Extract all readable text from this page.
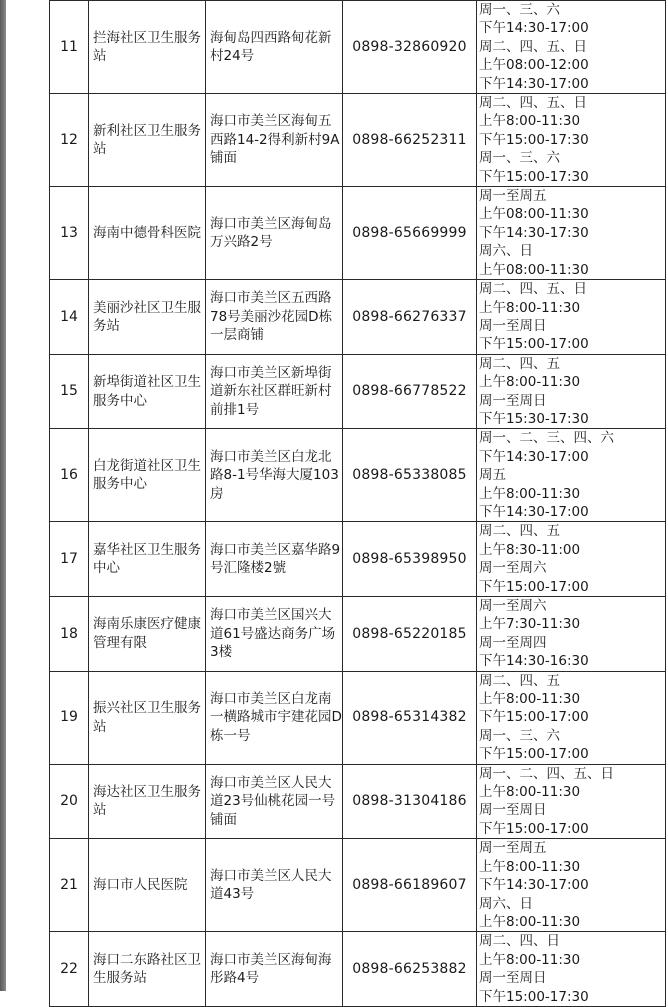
11	拦海社区卫生服务站	海甸岛四西路甸花新村24号	0898-32860920	周一、三、六
下午14:30-17:00
周二、四、五、日
上午08:00-12:00
下午14:30-17:00

12	新利社区卫生服务站	海口市美兰区海甸五西路14-2得利新村9A铺面	0898-66252311	周二、四、五、日
上午8:00-11:30
下午15:00-17:30
周一、三、六
下午15:00-17:30

13	海南中德骨科医院	海口市美兰区海甸岛万兴路2号	0898-65669999	周一至周五
上午08:00-11:30
下午14:30-17:30
周六、日
上午08:00-11:30

14	美丽沙社区卫生服务站	海口市美兰区五西路78号美丽沙花园D栋一层商铺	0898-66276337	周二、四、五、日
上午8:00-11:30
周一至周日
下午15:00-17:00

15	新埠街道社区卫生服务中心	海口市美兰区新埠街道新东社区群旺新村前排1号	0898-66778522	周二、四、五
上午8:00-11:30
周一至周日
下午15:30-17:30

16	白龙街道社区卫生服务中心	海口市美兰区白龙北路8-1号华海大厦103房	0898-65338085	周一、二、三、四、六
下午14:30-17:00
周五
上午8:00-11:30
下午14:30-17:00

17	嘉华社区卫生服务中心	海口市美兰区嘉华路9号汇隆楼2號	0898-65398950	周二、四、五
上午8:30-11:00
周一至周六
下午15:00-17:00

18	海南乐康医疗健康管理有限	海口市美兰区国兴大道61号盛达商务广场 3楼	0898-65220185	周一至周六
上午7:30-11:30
周一至周四
下午14:30-16:30

19	振兴社区卫生服务站	海口市美兰区白龙南一横路城市宇建花园D栋一号	0898-65314382	周二、四、五
上午8:00-11:30
下午15:00-17:00
周一、三、六
下午15:00-17:00

20	海达社区卫生服务站	海口市美兰区人民大道23号仙桃花园一号铺面	0898-31304186	周一、二、四、五、日
上午8:00-11:30
周一至周日
下午15:00-17:00

21	海口市人民医院	海口市美兰区人民大道43号	0898-66189607	周一至周五
上午8:00-11:30
下午14:30-17:00
周六、日
上午8:00-11:30

22	海口二东路社区卫生服务站	海口市美兰区海甸海彤路4号	0898-66253882	周二、四、日
上午8:00-11:30
周一至周日
下午15:00-17:30
